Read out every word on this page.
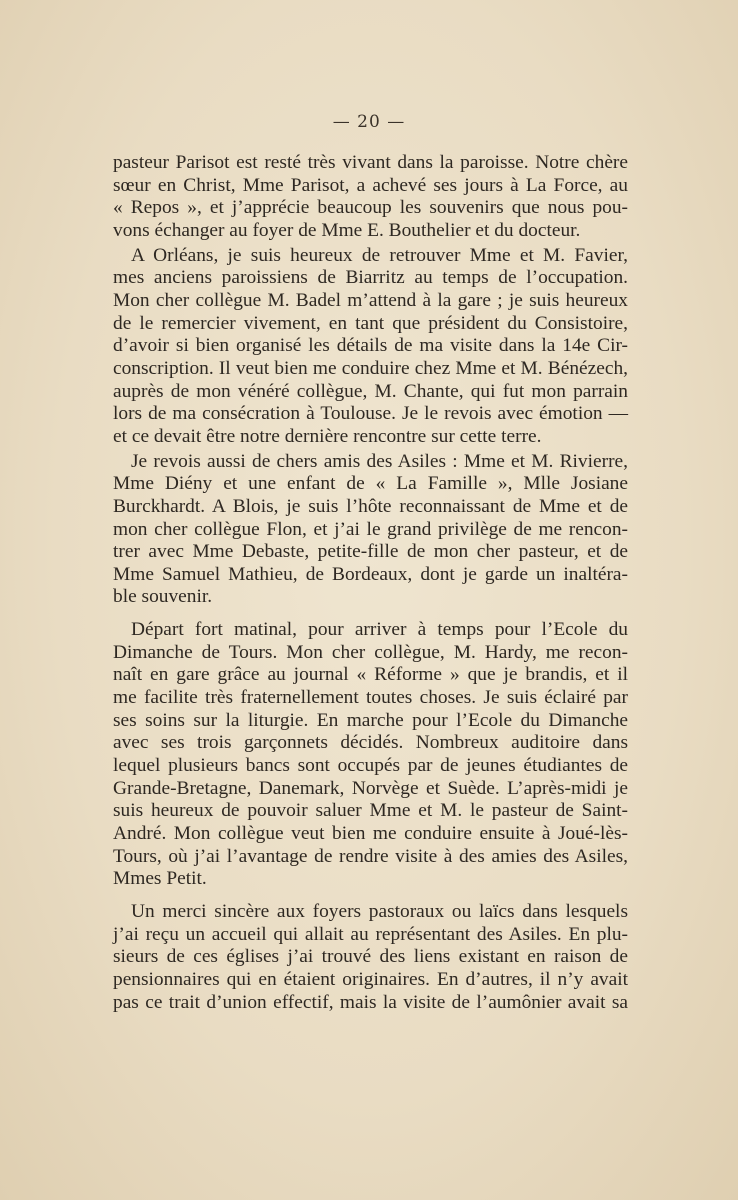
— 20 —
pasteur Parisot est resté très vivant dans la paroisse. Notre chère
sœur en Christ, Mme Parisot, a achevé ses jours à La Force, au
« Repos », et j’apprécie beaucoup les souvenirs que nous pou-
vons échanger au foyer de Mme E. Bouthelier et du docteur.
A Orléans, je suis heureux de retrouver Mme et M. Favier,
mes anciens paroissiens de Biarritz au temps de l’occupation.
Mon cher collègue M. Badel m’attend à la gare ; je suis heureux
de le remercier vivement, en tant que président du Consistoire,
d’avoir si bien organisé les détails de ma visite dans la 14e Cir-
conscription. Il veut bien me conduire chez Mme et M. Bénézech,
auprès de mon vénéré collègue, M. Chante, qui fut mon parrain
lors de ma consécration à Toulouse. Je le revois avec émotion —
et ce devait être notre dernière rencontre sur cette terre.
Je revois aussi de chers amis des Asiles : Mme et M. Rivierre,
Mme Diény et une enfant de « La Famille », Mlle Josiane
Burckhardt. A Blois, je suis l’hôte reconnaissant de Mme et de
mon cher collègue Flon, et j’ai le grand privilège de me rencon-
trer avec Mme Debaste, petite-fille de mon cher pasteur, et de
Mme Samuel Mathieu, de Bordeaux, dont je garde un inaltéra-
ble souvenir.
Départ fort matinal, pour arriver à temps pour l’Ecole du
Dimanche de Tours. Mon cher collègue, M. Hardy, me recon-
naît en gare grâce au journal « Réforme » que je brandis, et il
me facilite très fraternellement toutes choses. Je suis éclairé par
ses soins sur la liturgie. En marche pour l’Ecole du Dimanche
avec ses trois garçonnets décidés. Nombreux auditoire dans
lequel plusieurs bancs sont occupés par de jeunes étudiantes de
Grande-Bretagne, Danemark, Norvège et Suède. L’après-midi je
suis heureux de pouvoir saluer Mme et M. le pasteur de Saint-
André. Mon collègue veut bien me conduire ensuite à Joué-lès-
Tours, où j’ai l’avantage de rendre visite à des amies des Asiles,
Mmes Petit.
Un merci sincère aux foyers pastoraux ou laïcs dans lesquels
j’ai reçu un accueil qui allait au représentant des Asiles. En plu-
sieurs de ces églises j’ai trouvé des liens existant en raison de
pensionnaires qui en étaient originaires. En d’autres, il n’y avait
pas ce trait d’union effectif, mais la visite de l’aumônier avait sa
